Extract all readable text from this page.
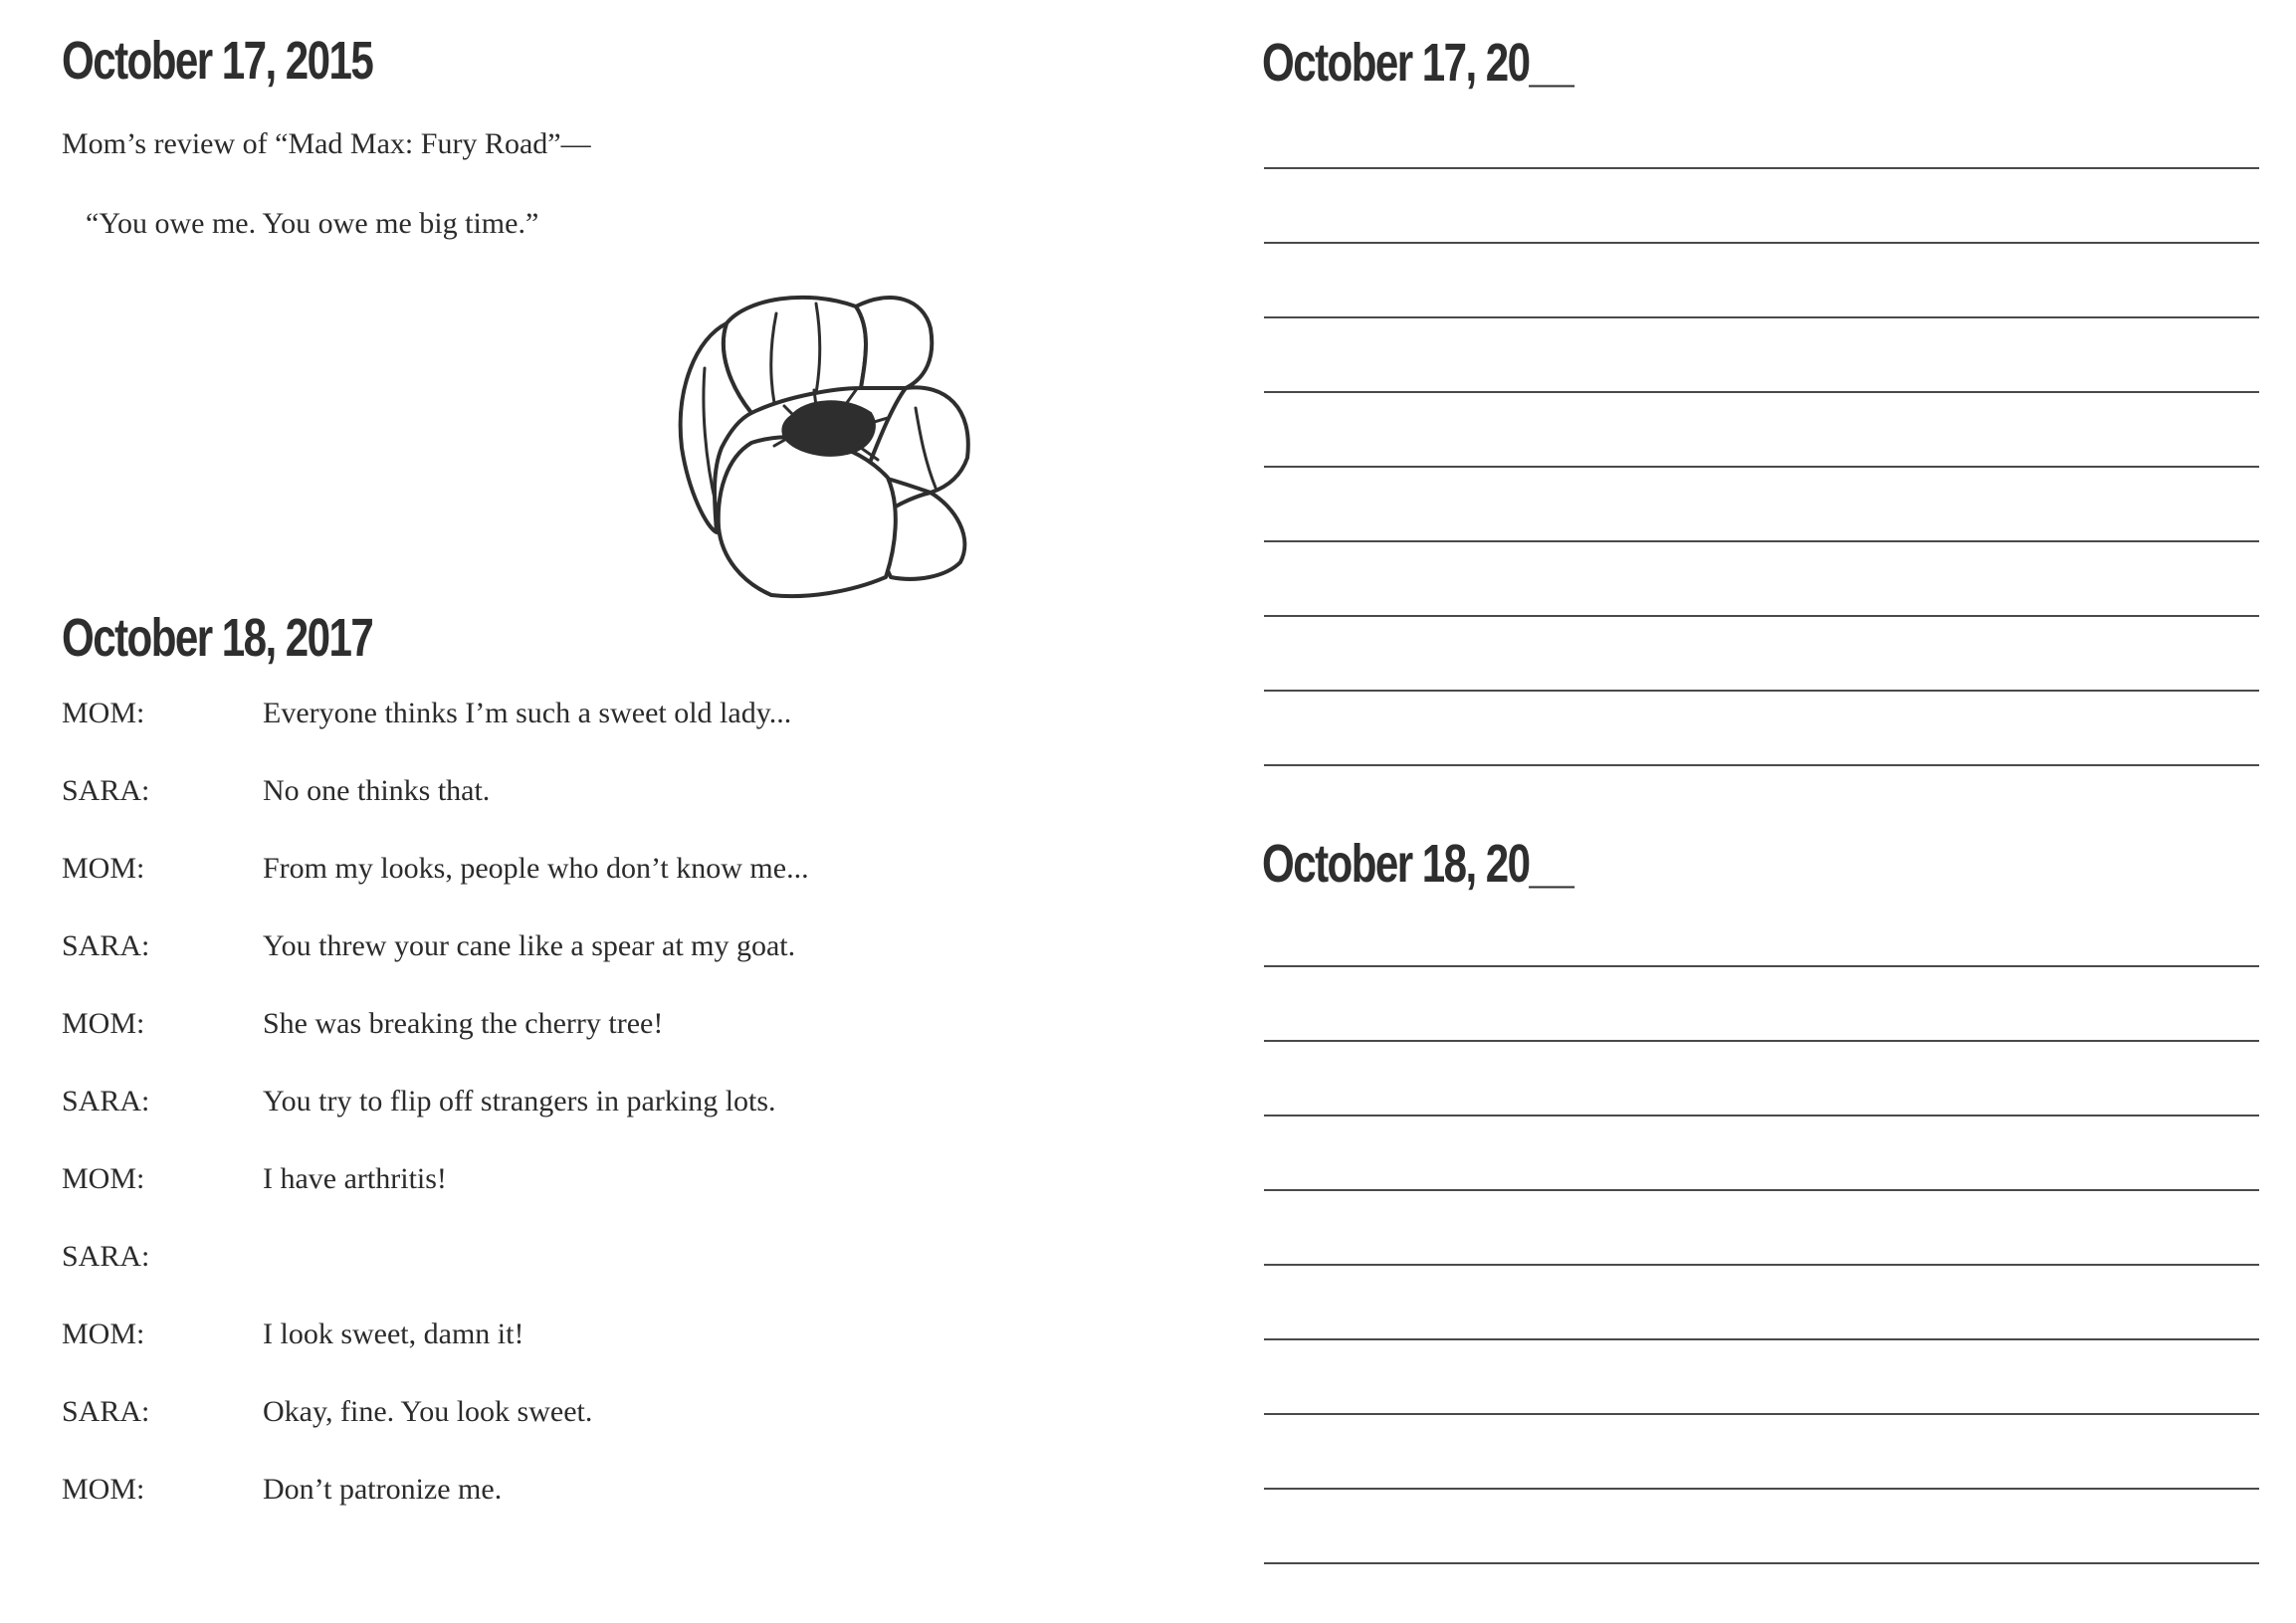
October 17, 2015
Mom’s review of “Mad Max: Fury Road”—
“You owe me. You owe me big time.”
October 18, 2017
MOM:	Everyone thinks I’m such a sweet old lady...
SARA:	No one thinks that.
MOM:	From my looks, people who don’t know me...
SARA:	You threw your cane like a spear at my goat.
MOM:	She was breaking the cherry tree!
SARA:	You try to flip off strangers in parking lots.
MOM:	I have arthritis!
SARA:
MOM:	I look sweet, damn it!
SARA:	Okay, fine. You look sweet.
MOM:	Don’t patronize me.
October 17, 20__
October 18, 20__
